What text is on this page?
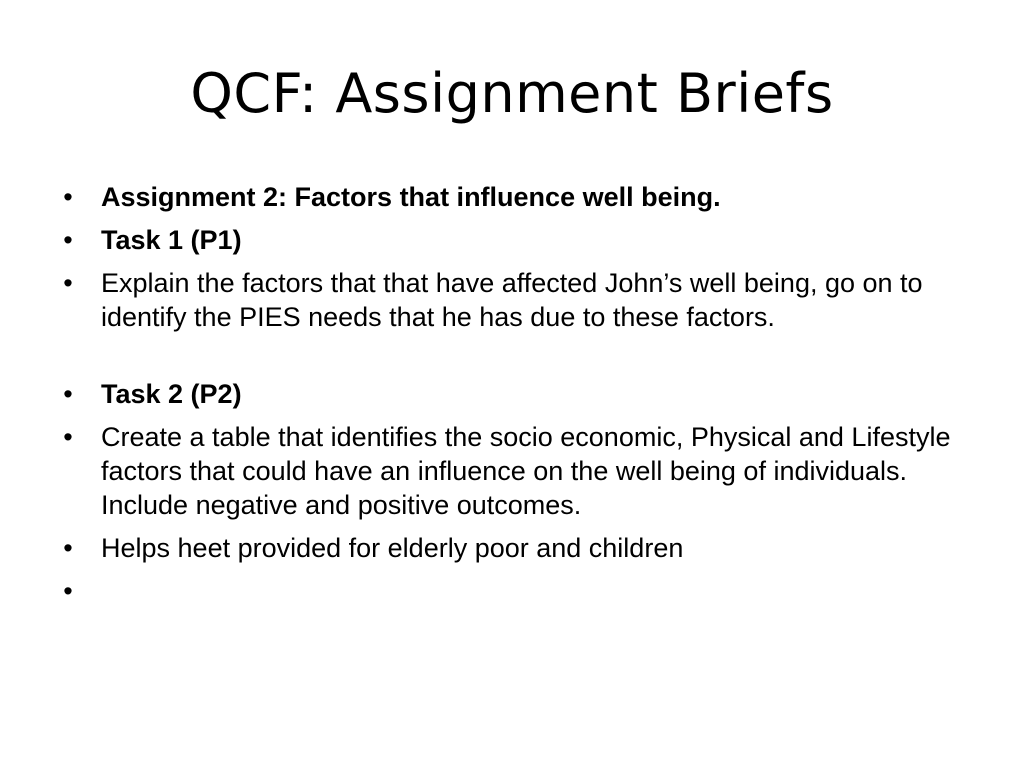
QCF: Assignment Briefs
• Assignment 2: Factors that influence well being.
• Task 1 (P1)
• Explain the factors that that have affected John’s well being, go on to identify the PIES needs that he has due to these factors.
• Task 2 (P2)
• Create a table that identifies the socio economic, Physical and Lifestyle factors that could have an influence on the well being of individuals. Include negative and positive outcomes.
• Helps heet provided for elderly poor and children
•
